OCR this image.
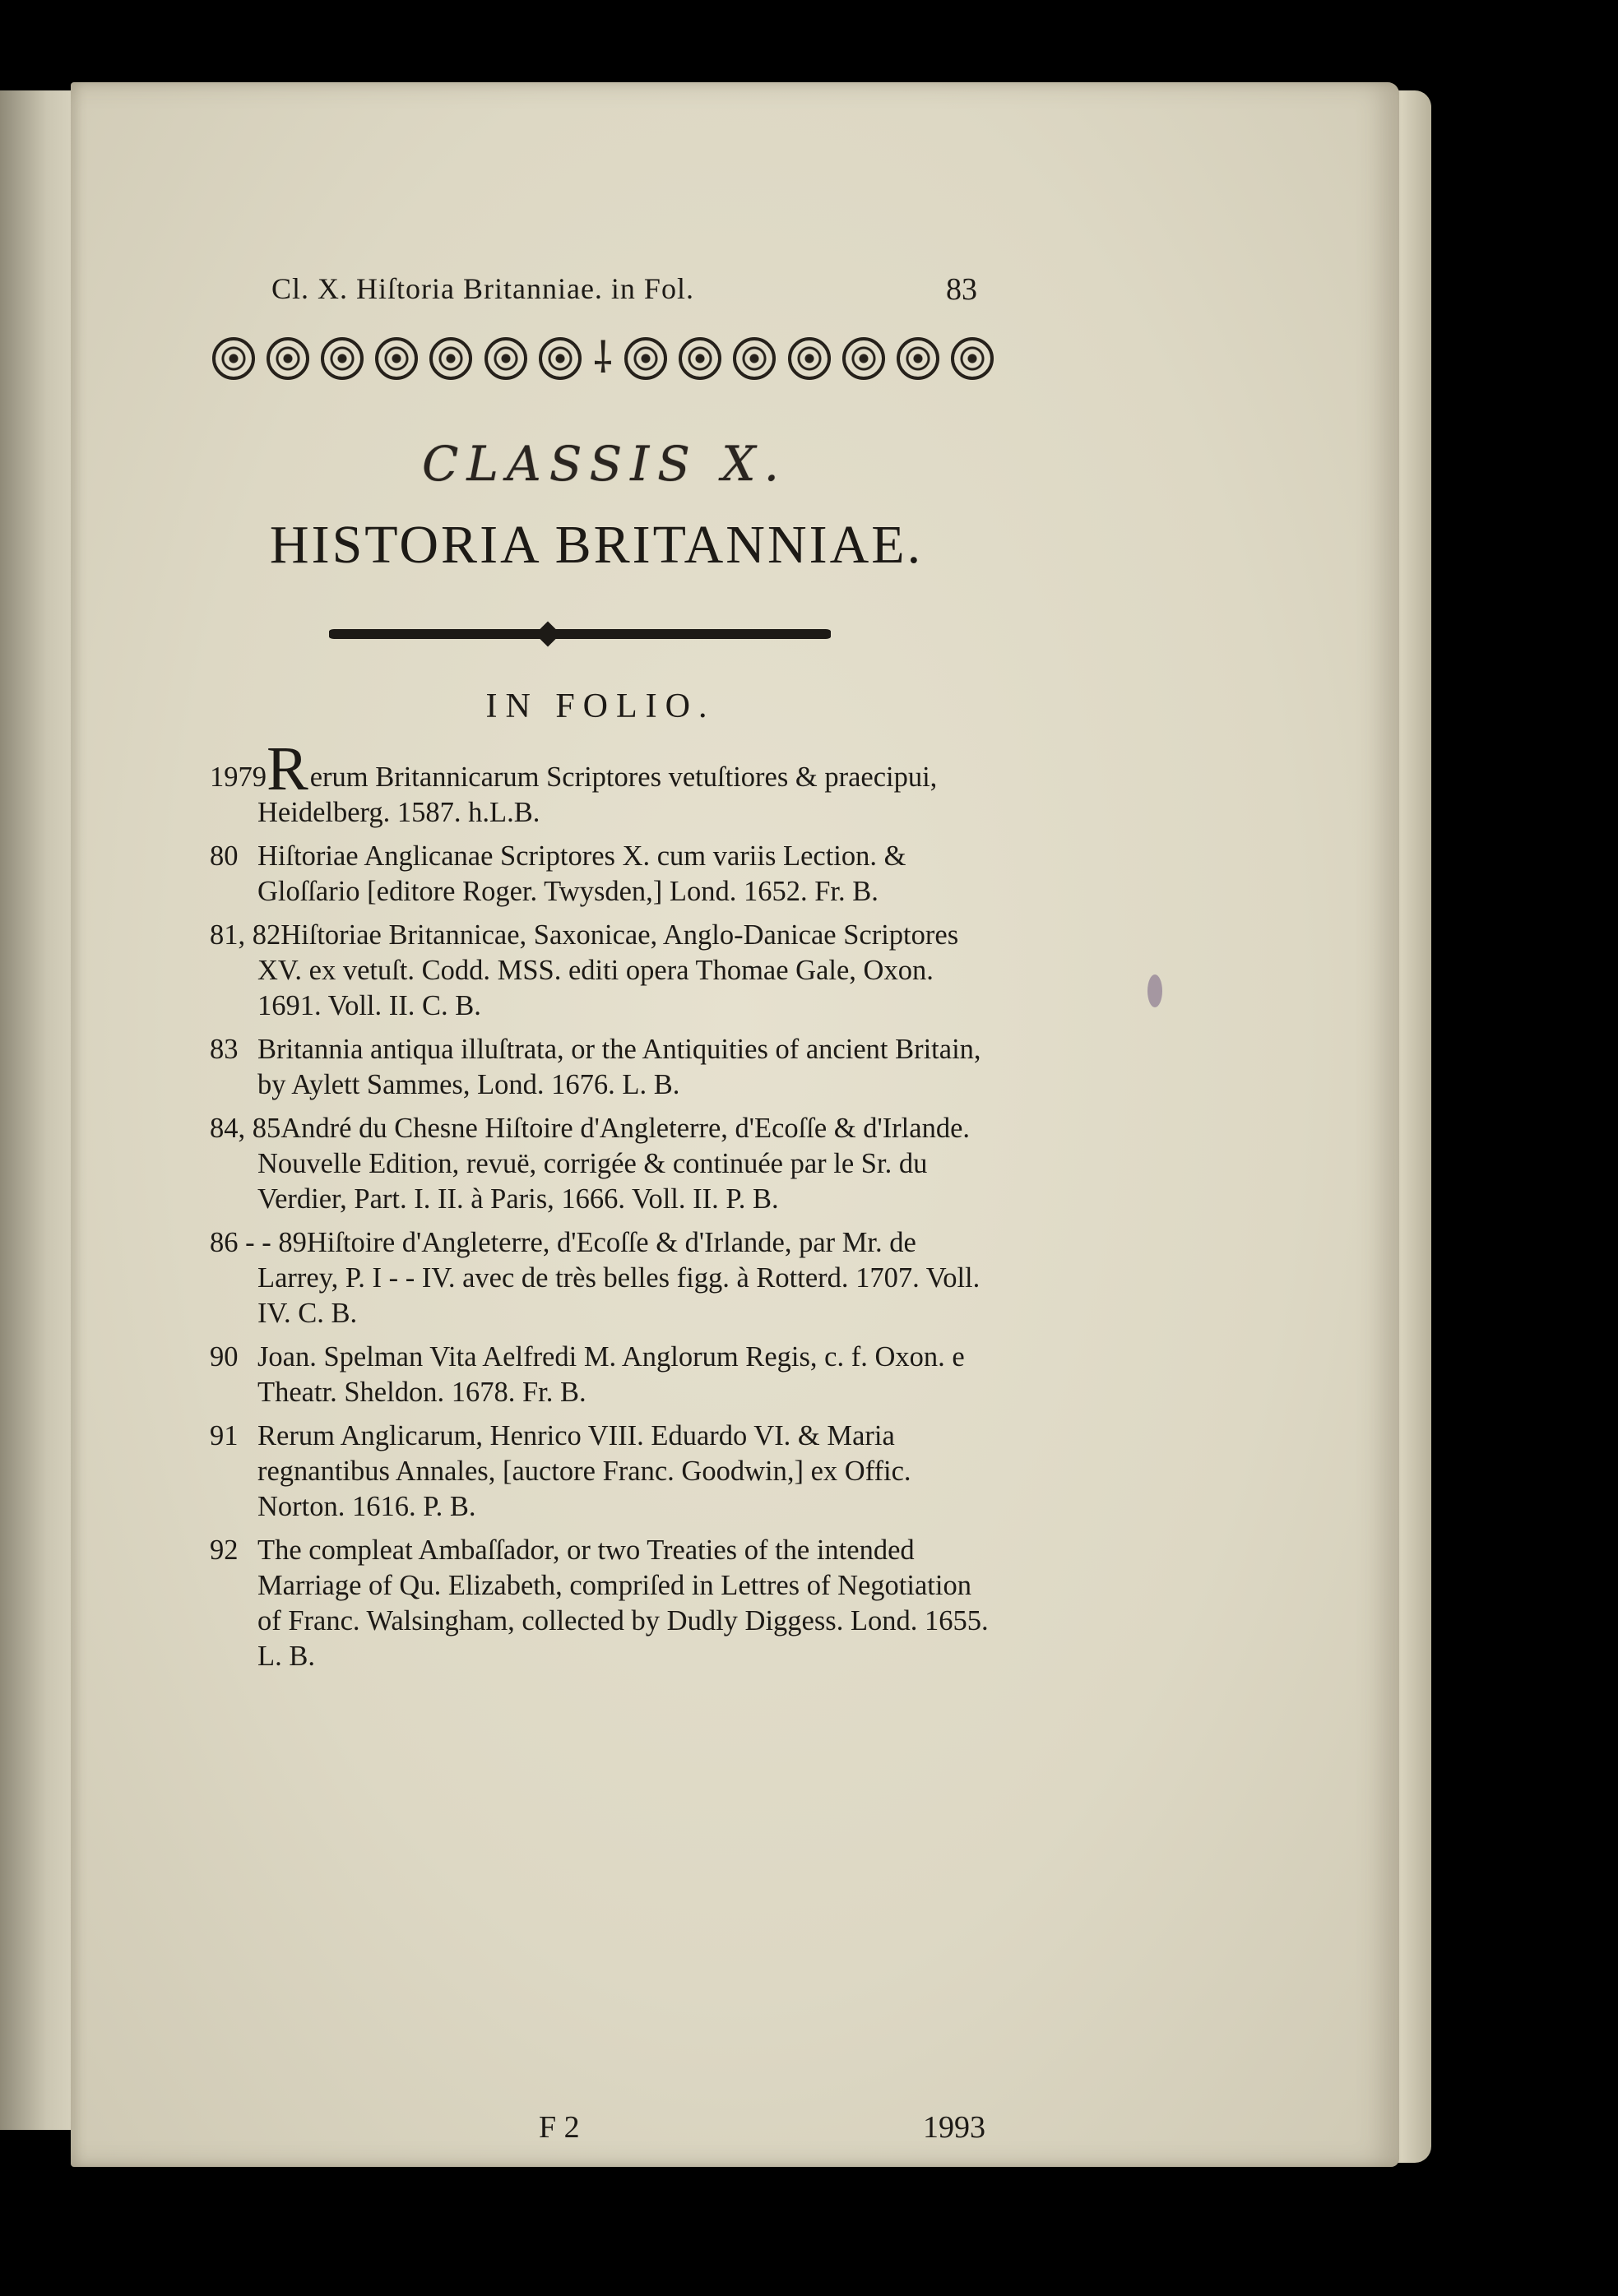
Cl. X. Hiſtoria Britanniae. in Fol.	83
⸸
CLASSIS X.
HISTORIA BRITANNIAE.
IN FOLIO.
1979Rerum Britannicarum Scriptores vetuſtiores & praecipui, Heidelberg. 1587. h.L.B.
80 Hiſtoriae Anglicanae Scriptores X. cum variis Lection. & Gloſſario [editore Roger. Twysden,] Lond. 1652. Fr. B.
81, 82Hiſtoriae Britannicae, Saxonicae, Anglo-Danicae Scriptores XV. ex vetuſt. Codd. MSS. editi opera Thomae Gale, Oxon. 1691. Voll. II. C. B.
83 Britannia antiqua illuſtrata, or the Antiquities of ancient Britain, by Aylett Sammes, Lond. 1676. L. B.
84, 85André du Chesne Hiſtoire d'Angleterre, d'Ecoſſe & d'Irlande. Nouvelle Edition, revuë, corrigée & continuée par le Sr. du Verdier, Part. I. II. à Paris, 1666. Voll. II. P. B.
86 - - 89Hiſtoire d'Angleterre, d'Ecoſſe & d'Irlande, par Mr. de Larrey, P. I - - IV. avec de très belles figg. à Rotterd. 1707. Voll. IV. C. B.
90 Joan. Spelman Vita Aelfredi M. Anglorum Regis, c. f. Oxon. e Theatr. Sheldon. 1678. Fr. B.
91 Rerum Anglicarum, Henrico VIII. Eduardo VI. & Maria regnantibus Annales, [auctore Franc. Goodwin,] ex Offic. Norton. 1616. P. B.
92 The compleat Ambaſſador, or two Treaties of the intended Marriage of Qu. Elizabeth, compriſed in Lettres of Negotiation of Franc. Walsingham, collected by Dudly Diggess. Lond. 1655. L. B.
F 2	1993
